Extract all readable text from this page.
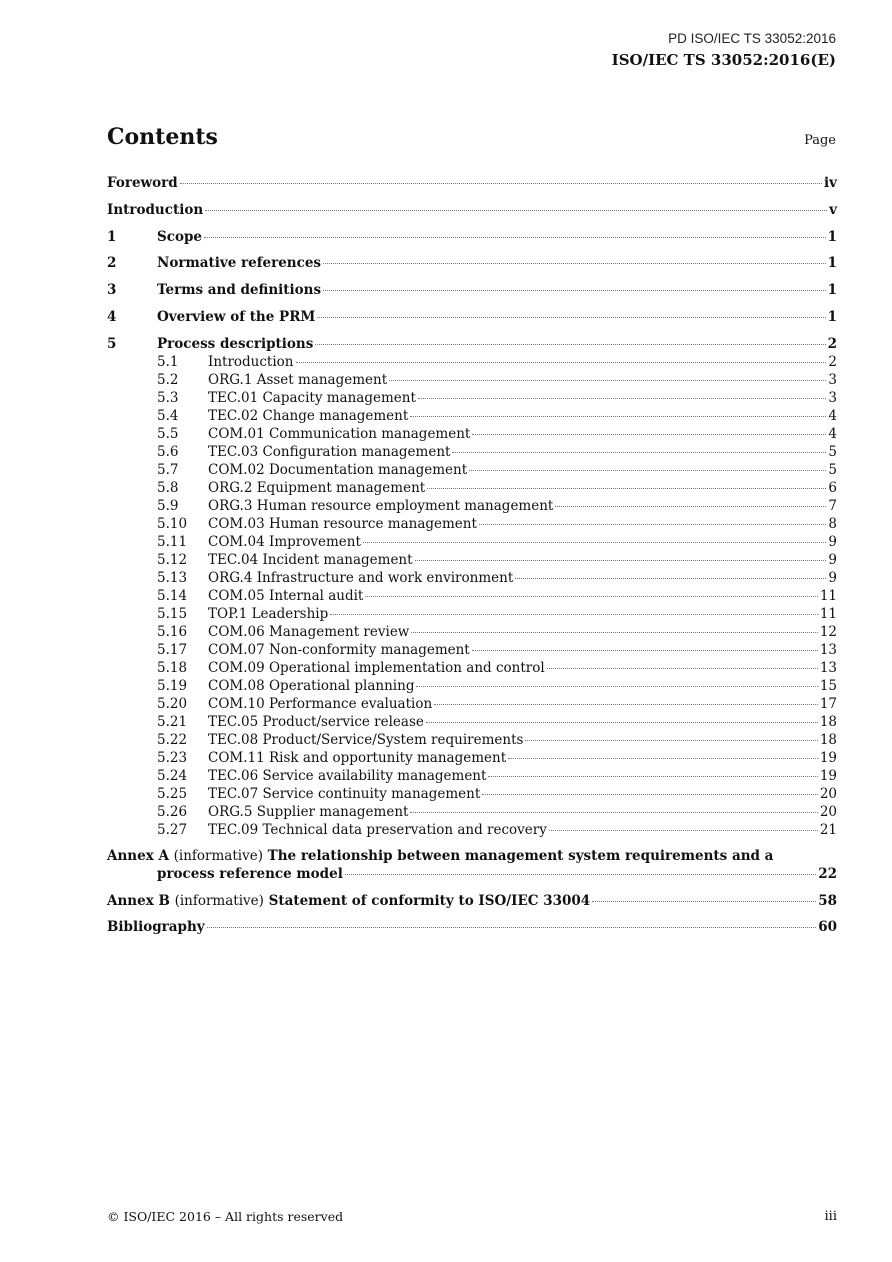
PD ISO/IEC TS 33052:2016
ISO/IEC TS 33052:2016(E)
Contents	Page
Foreword	iv
Introduction	v
1	Scope	1
2	Normative references	1
3	Terms and definitions	1
4	Overview of the PRM	1
5	Process descriptions	2
5.1	Introduction	2
5.2	ORG.1 Asset management	3
5.3	TEC.01 Capacity management	3
5.4	TEC.02 Change management	4
5.5	COM.01 Communication management	4
5.6	TEC.03 Configuration management	5
5.7	COM.02 Documentation management	5
5.8	ORG.2 Equipment management	6
5.9	ORG.3 Human resource employment management	7
5.10	COM.03 Human resource management	8
5.11	COM.04 Improvement	9
5.12	TEC.04 Incident management	9
5.13	ORG.4 Infrastructure and work environment	9
5.14	COM.05 Internal audit	11
5.15	TOP.1 Leadership	11
5.16	COM.06 Management review	12
5.17	COM.07 Non-conformity management	13
5.18	COM.09 Operational implementation and control	13
5.19	COM.08 Operational planning	15
5.20	COM.10 Performance evaluation	17
5.21	TEC.05 Product/service release	18
5.22	TEC.08 Product/Service/System requirements	18
5.23	COM.11 Risk and opportunity management	19
5.24	TEC.06 Service availability management	19
5.25	TEC.07 Service continuity management	20
5.26	ORG.5 Supplier management	20
5.27	TEC.09 Technical data preservation and recovery	21
Annex A (informative) The relationship between management system requirements and a
process reference model	22
Annex B (informative) Statement of conformity to ISO/IEC 33004	58
Bibliography	60
© ISO/IEC 2016 – All rights reserved	iii
